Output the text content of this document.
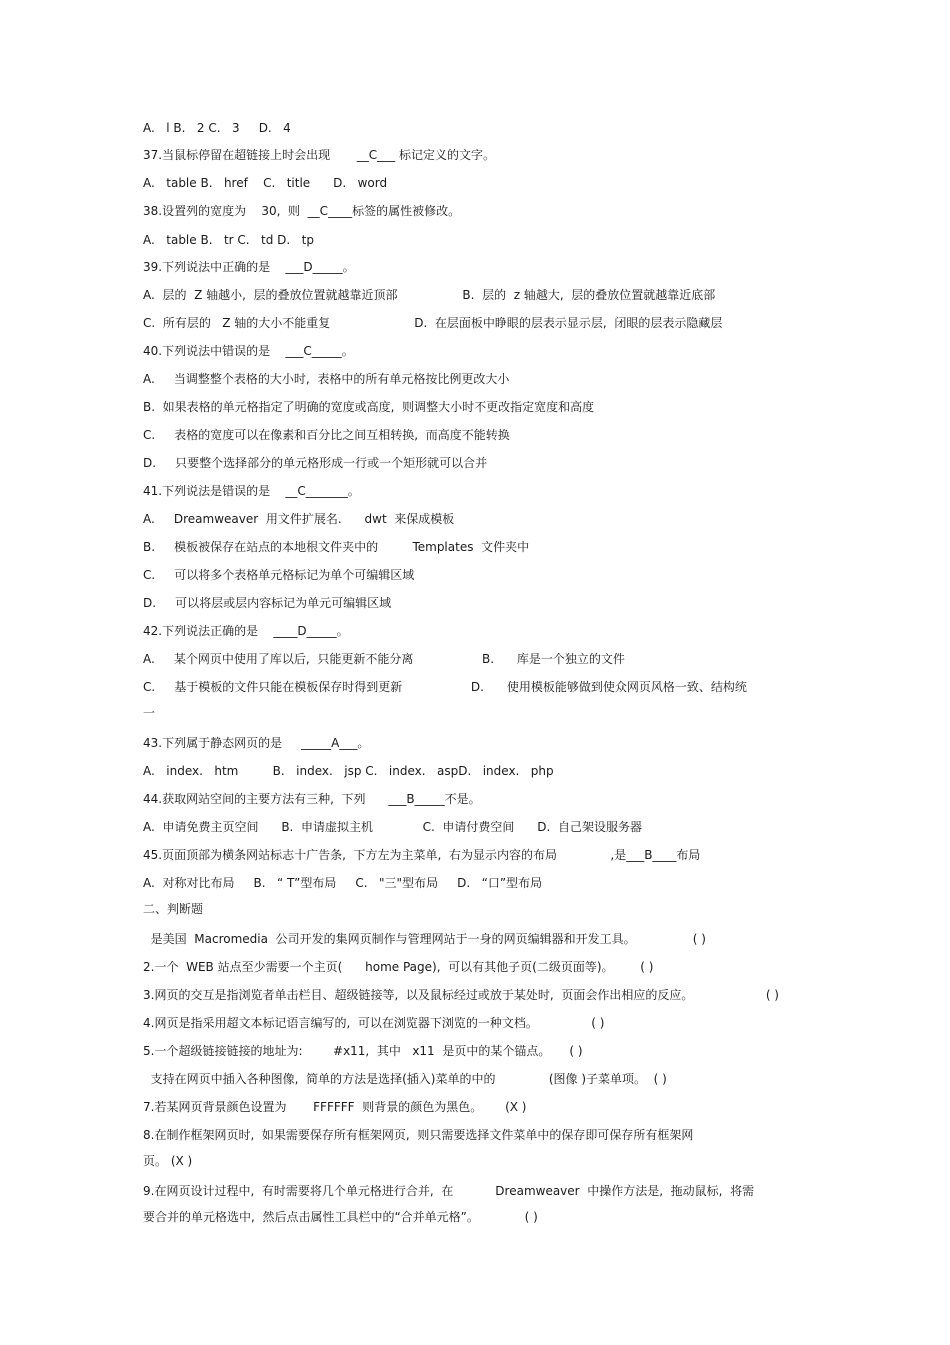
A.   l B.   2 C.   3     D.   4
37.当鼠标停留在超链接上时会出现       __C___ 标记定义的文字。
A.   table B.   href    C.   title      D.   word
38.设置列的宽度为    30,  则  __C____标签的属性被修改。
A.   table B.   tr C.   td D.   tp
39.下列说法中正确的是    ___D_____。
A.  层的  Z 轴越小,  层的叠放位置就越靠近顶部                 B.  层的  z 轴越大,  层的叠放位置就越靠近底部
C.  所有层的   Z 轴的大小不能重复                      D.  在层面板中睁眼的层表示显示层,  闭眼的层表示隐藏层
40.下列说法中错误的是    ___C_____。
A.     当调整整个表格的大小时,  表格中的所有单元格按比例更改大小
B.  如果表格的单元格指定了明确的宽度或高度,  则调整大小时不更改指定宽度和高度
C.     表格的宽度可以在像素和百分比之间互相转换,  而高度不能转换
D.     只要整个选择部分的单元格形成一行或一个矩形就可以合并
41.下列说法是错误的是    __C_______。
A.     Dreamweaver  用文件扩展名.      dwt  来保成模板
B.     模板被保存在站点的本地根文件夹中的         Templates  文件夹中
C.     可以将多个表格单元格标记为单个可编辑区域
D.     可以将层或层内容标记为单元可编辑区域
42.下列说法正确的是    ____D_____。
A.     某个网页中使用了库以后,  只能更新不能分离                  B.      库是一个独立的文件
C.     基于模板的文件只能在模板保存时得到更新                  D.      使用模板能够做到使众网页风格一致、结构统
一
43.下列属于静态网页的是     _____A___。
A.   index.   htm         B.   index.   jsp C.   index.   aspD.   index.   php
44.获取网站空间的主要方法有三种,  下列      ___B_____不是。
A.  申请免费主页空间      B.  申请虚拟主机             C.  申请付费空间      D.  自己架设服务器
45.页面顶部为横条网站标志十广告条,  下方左为主菜单,  右为显示内容的布局              ,是___B____布局
A.  对称对比布局     B.   “ T”型布局     C.   "三"型布局     D.   “口”型布局
二、判断题
是美国  Macromedia  公司开发的集网页制作与管理网站于一身的网页编辑器和开发工具。               ( )
2.一个  WEB 站点至少需要一个主页(      home Page),  可以有其他子页(二级页面等)。       ( )
3.网页的交互是指浏览者单击栏目、超级链接等,  以及鼠标经过或放于某处时,  页面会作出相应的反应。                   ( )
4.网页是指采用超文本标记语言编写的,  可以在浏览器下浏览的一种文档。              ( )
5.一个超级链接链接的地址为:        #x11,  其中   x11  是页中的某个锚点。     ( )
支持在网页中插入各种图像,  简单的方法是选择(插入)菜单的中的              (图像 )子菜单项。  ( )
7.若某网页背景颜色设置为       FFFFFF  则背景的颜色为黑色。      (X )
8.在制作框架网页时,  如果需要保存所有框架网页,  则只需要选择文件菜单中的保存即可保存所有框架网
页。 (X )
9.在网页设计过程中,  有时需要将几个单元格进行合并,  在           Dreamweaver  中操作方法是,  拖动鼠标,  将需
要合并的单元格选中,  然后点击属性工具栏中的“合并单元格”。            ( )
